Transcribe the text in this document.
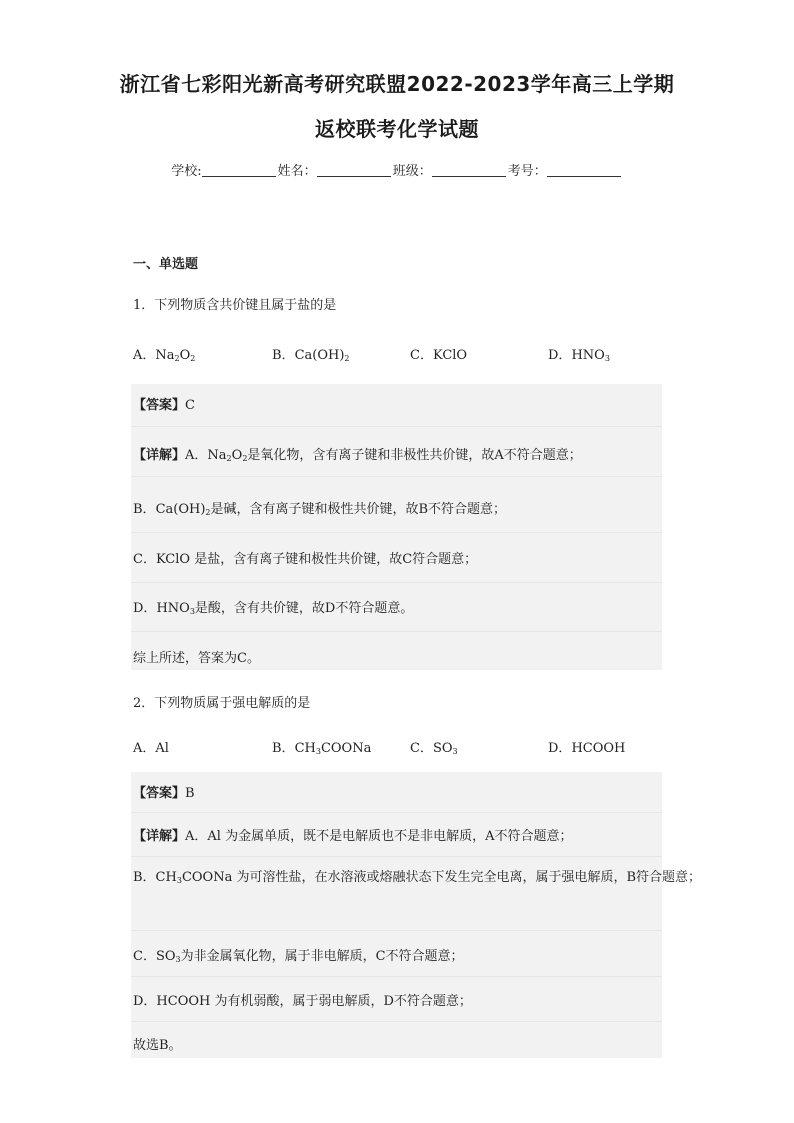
浙江省七彩阳光新高考研究联盟2022-2023学年高三上学期
返校联考化学试题
学校:	姓名：	班级：	考号：
一、单选题
1．下列物质含共价键且属于盐的是
A．$Na_2O_2$	B．$Ca(OH)_2$	C．KClO	D．$HNO_3$
【答案】C
【详解】A．$Na_2O_2$是氧化物，含有离子键和非极性共价键，故A不符合题意；
B．$Ca(OH)_2$是碱，含有离子键和极性共价键，故B不符合题意；
C．KClO 是盐，含有离子键和极性共价键，故C符合题意；
D．$HNO_3$是酸，含有共价键，故D不符合题意。
综上所述，答案为C。
2．下列物质属于强电解质的是
A．Al	B．$CH_3COONa$	C．$SO_3$	D．HCOOH
【答案】B
【详解】A．Al 为金属单质，既不是电解质也不是非电解质，A不符合题意；
B．$CH_3COONa$ 为可溶性盐，在水溶液或熔融状态下发生完全电离，属于强电解质，B符合题意；
C．$SO_3$为非金属氧化物，属于非电解质，C不符合题意；
D．HCOOH 为有机弱酸，属于弱电解质，D不符合题意；
故选B。
